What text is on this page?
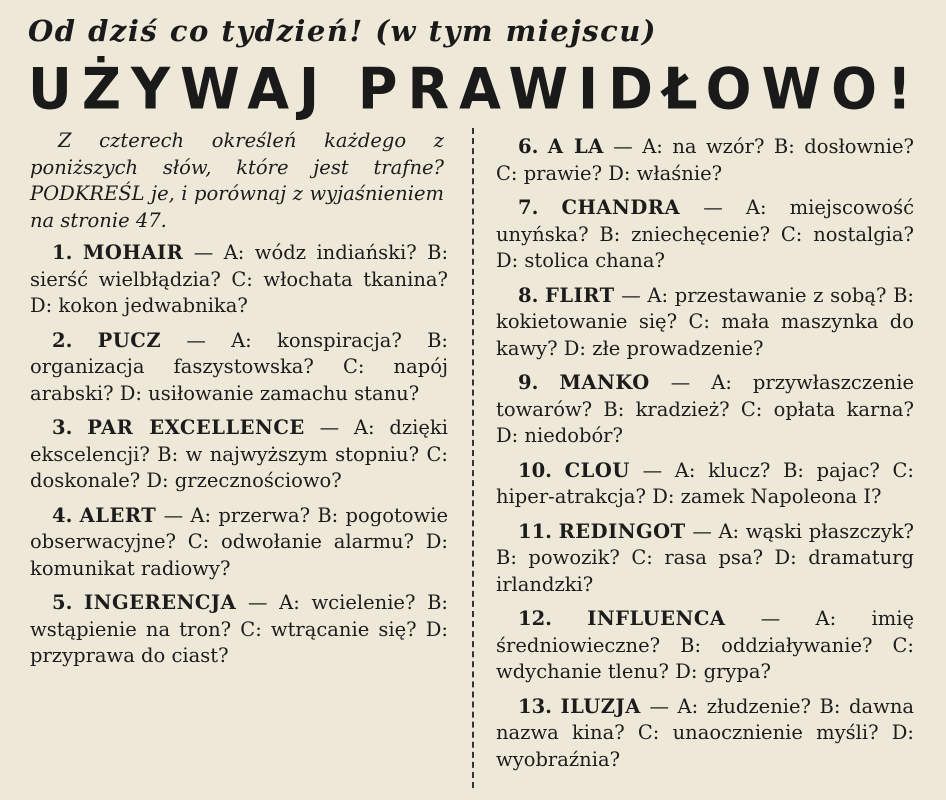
Od dziś co tydzień! (w tym miejscu)
UŻYWAJ PRAWIDŁOWO!
Z czterech określeń każdego z poniższych słów, które jest trafne? PODKREŚL je, i porównaj z wyjaśnieniem na stronie 47.
1. MOHAIR — A: wódz indiański? B: sierść wielbłądzia? C: włochata tkanina? D: kokon jedwabnika?
2. PUCZ — A: konspiracja? B: organizacja faszystowska? C: napój arabski? D: usiłowanie zamachu stanu?
3. PAR EXCELLENCE — A: dzięki ekscelencji? B: w najwyższym stopniu? C: doskonale? D: grzecznościowo?
4. ALERT — A: przerwa? B: pogotowie obserwacyjne? C: odwołanie alarmu? D: komunikat radiowy?
5. INGERENCJA — A: wcielenie? B: wstąpienie na tron? C: wtrącanie się? D: przyprawa do ciast?
6. A LA — A: na wzór? B: dosłownie? C: prawie? D: właśnie?
7. CHANDRA — A: miejscowość unyńska? B: zniechęcenie? C: nostalgia? D: stolica chana?
8. FLIRT — A: przestawanie z sobą? B: kokietowanie się? C: mała maszynka do kawy? D: złe prowadzenie?
9. MANKO — A: przywłaszczenie towarów? B: kradzież? C: opłata karna? D: niedobór?
10. CLOU — A: klucz? B: pajac? C: hiper-atrakcja? D: zamek Napoleona I?
11. REDINGOT — A: wąski płaszczyk? B: powozik? C: rasa psa? D: dramaturg irlandzki?
12. INFLUENCA — A: imię średniowieczne? B: oddziaływanie? C: wdychanie tlenu? D: grypa?
13. ILUZJA — A: złudzenie? B: dawna nazwa kina? C: unaocznienie myśli? D: wyobraźnia?
